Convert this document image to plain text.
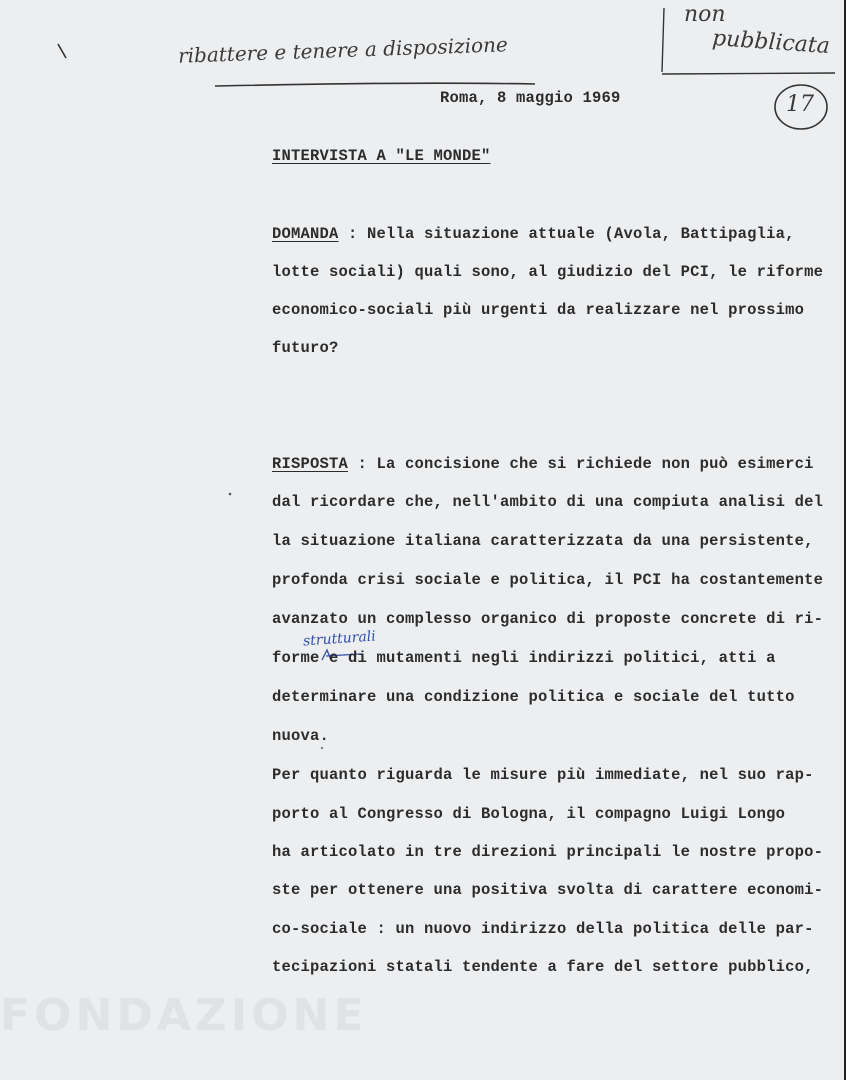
ribattere e tenere a disposizione
non
pubblicata
17
strutturali
Roma, 8 maggio 1969
INTERVISTA A "LE MONDE"
DOMANDA : Nella situazione attuale (Avola, Battipaglia,
lotte sociali) quali sono, al giudizio del PCI, le riforme
economico-sociali più urgenti da realizzare nel prossimo
futuro?
RISPOSTA : La concisione che si richiede non può esimerci
dal ricordare che, nell'ambito di una compiuta analisi del
la situazione italiana caratterizzata da una persistente,
profonda crisi sociale e politica, il PCI ha costantemente
avanzato un complesso organico di proposte concrete di ri-
forme e di mutamenti negli indirizzi politici, atti a
determinare una condizione politica e sociale del tutto
nuova.
Per quanto riguarda le misure più immediate, nel suo rap-
porto al Congresso di Bologna, il compagno Luigi Longo
ha articolato in tre direzioni principali le nostre propo-
ste per ottenere una positiva svolta di carattere economi-
co-sociale : un nuovo indirizzo della politica delle par-
tecipazioni statali tendente a fare del settore pubblico,
FONDAZIONE
